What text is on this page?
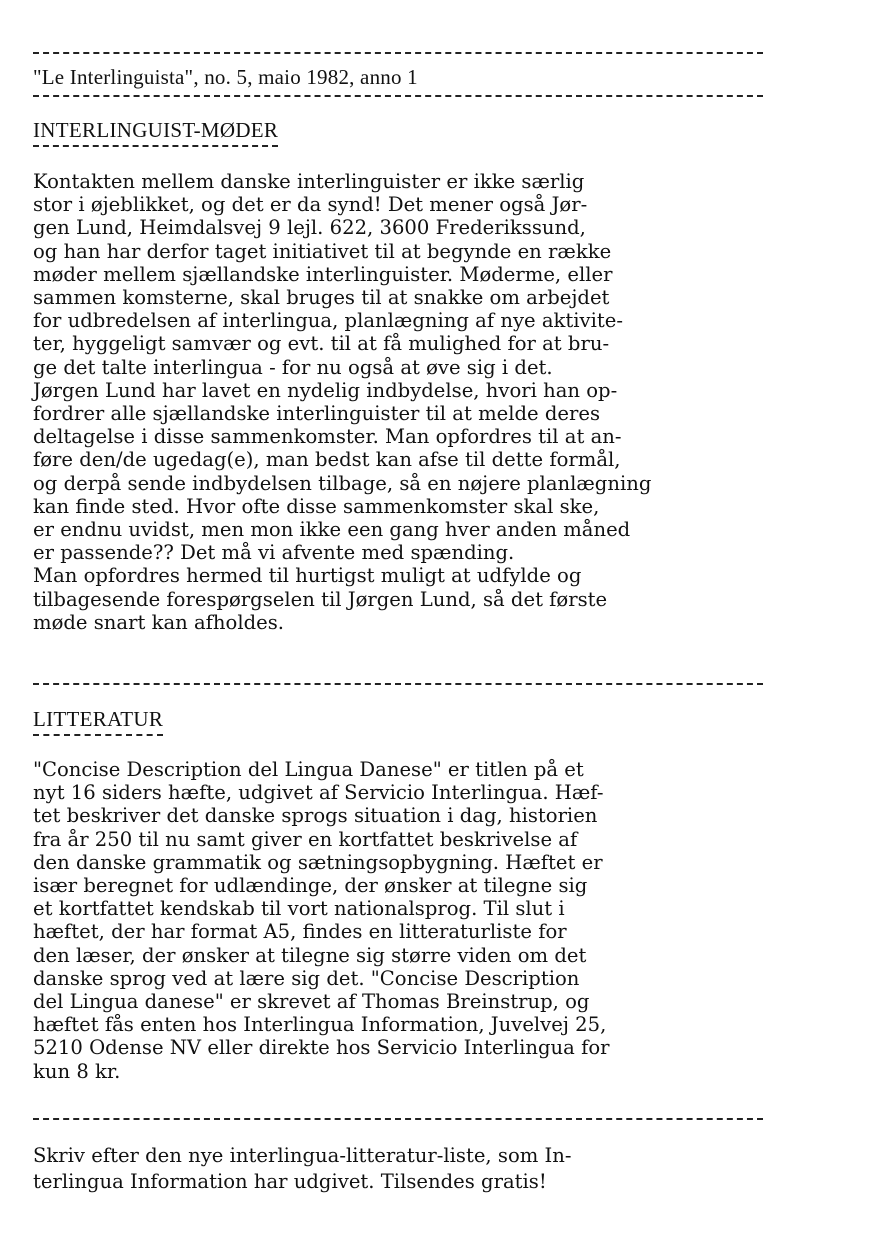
"Le Interlinguista", no. 5, maio 1982, anno 1
INTERLINGUIST-MØDER
Kontakten mellem danske interlinguister er ikke særlig
stor i øjeblikket, og det er da synd! Det mener også Jør-
gen Lund, Heimdalsvej 9 lejl. 622, 3600 Frederikssund,
og han har derfor taget initiativet til at begynde en række
møder mellem sjællandske interlinguister. Møderme, eller
sammen komsterne, skal bruges til at snakke om arbejdet
for udbredelsen af interlingua, planlægning af nye aktivite-
ter, hyggeligt samvær og evt. til at få mulighed for at bru-
ge det talte interlingua - for nu også at øve sig i det.
Jørgen Lund har lavet en nydelig indbydelse, hvori han op-
fordrer alle sjællandske interlinguister til at melde deres
deltagelse i disse sammenkomster. Man opfordres til at an-
føre den/de ugedag(e), man bedst kan afse til dette formål,
og derpå sende indbydelsen tilbage, så en nøjere planlægning
kan finde sted. Hvor ofte disse sammenkomster skal ske,
er endnu uvidst, men mon ikke een gang hver anden måned
er passende?? Det må vi afvente med spænding.
Man opfordres hermed til hurtigst muligt at udfylde og
tilbagesende forespørgselen til Jørgen Lund, så det første
møde snart kan afholdes.
LITTERATUR
"Concise Description del Lingua Danese" er titlen på et
nyt 16 siders hæfte, udgivet af Servicio Interlingua. Hæf-
tet beskriver det danske sprogs situation i dag, historien
fra år 250 til nu samt giver en kortfattet beskrivelse af
den danske grammatik og sætningsopbygning. Hæftet er
især beregnet for udlændinge, der ønsker at tilegne sig
et kortfattet kendskab til vort nationalsprog. Til slut i
hæftet, der har format A5, findes en litteraturliste for
den læser, der ønsker at tilegne sig større viden om det
danske sprog ved at lære sig det. "Concise Description
del Lingua danese" er skrevet af Thomas Breinstrup, og
hæftet fås enten hos Interlingua Information, Juvelvej 25,
5210 Odense NV eller direkte hos Servicio Interlingua for
kun 8 kr.
Skriv efter den nye interlingua-litteratur-liste, som In-
terlingua Information har udgivet. Tilsendes gratis!
